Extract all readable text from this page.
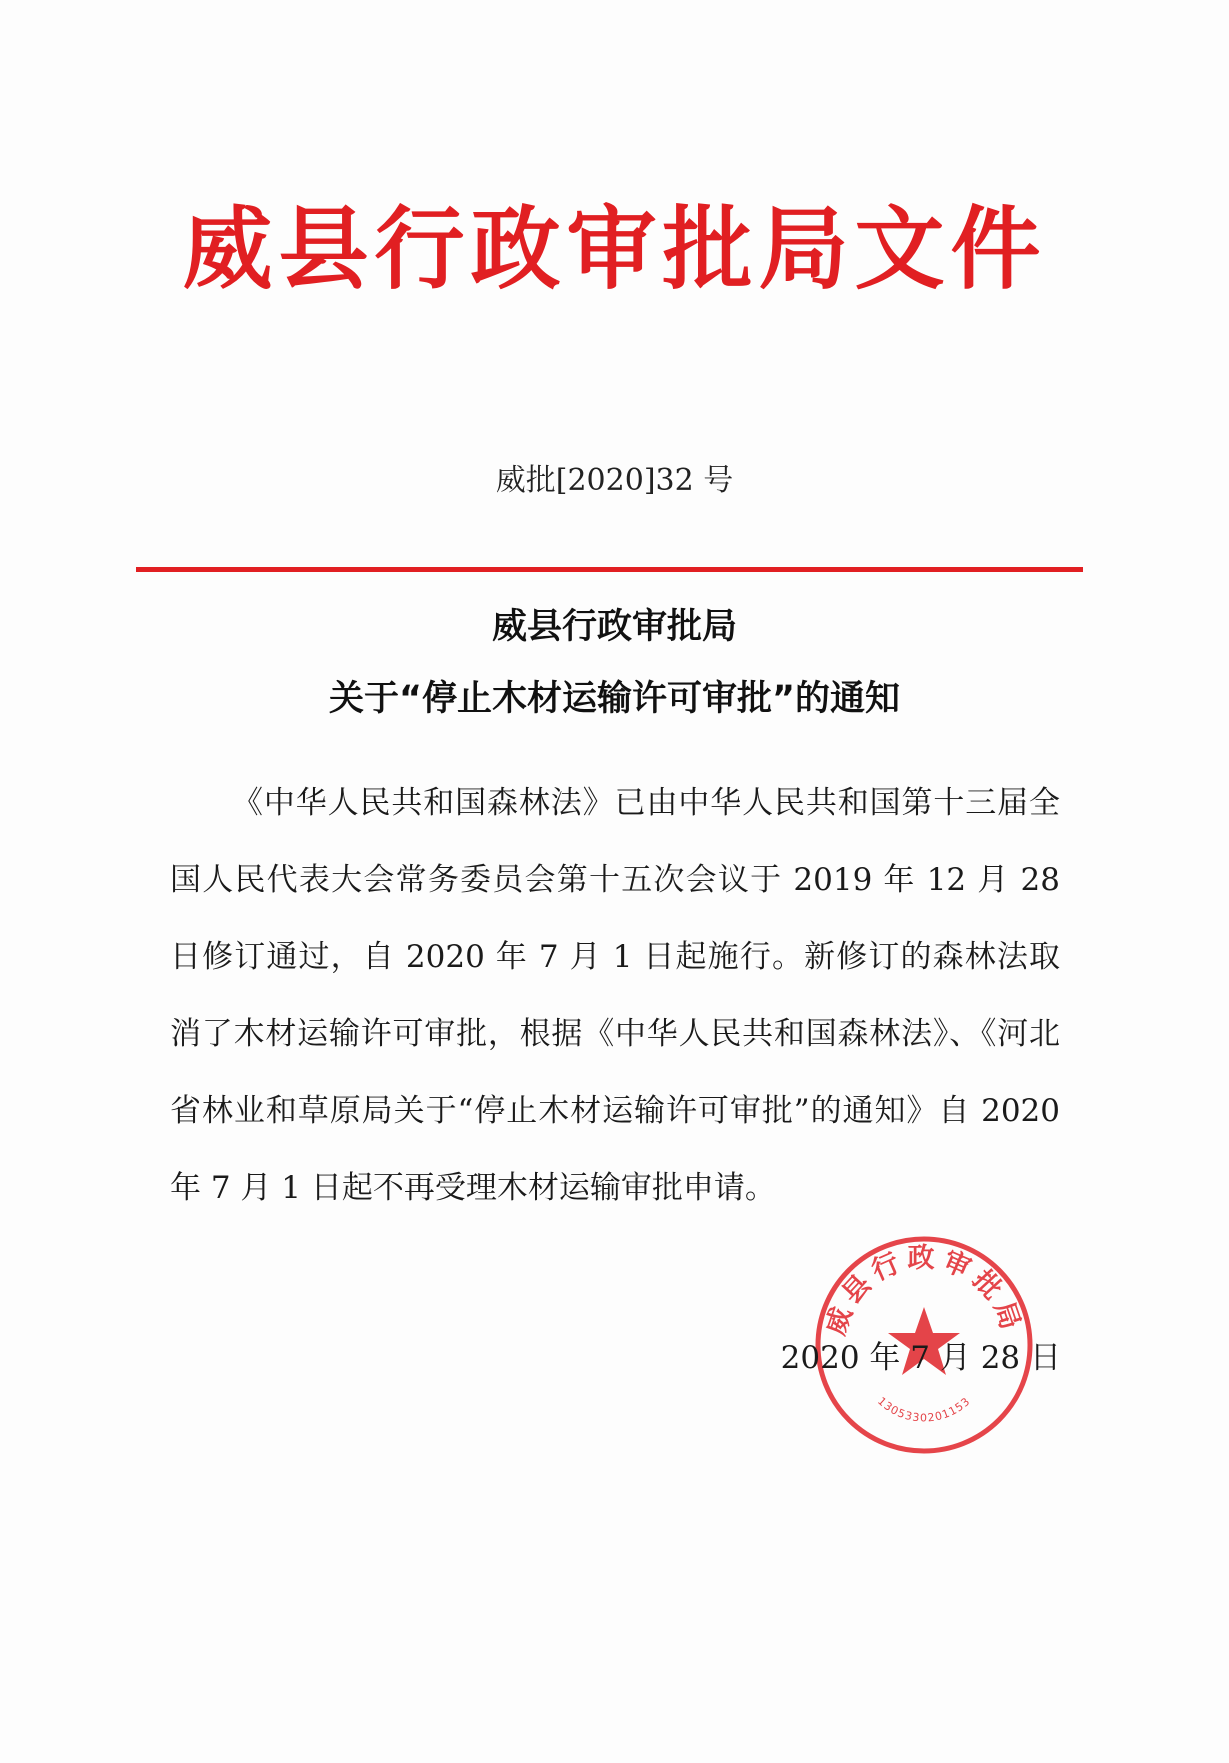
威县行政审批局文件
威批[2020]32 号
威县行政审批局
关于“停止木材运输许可审批”的通知

《中华人民共和国森林法》已由中华人民共和国第十三届全国人民代表大会常务委员会第十五次会议于 2019 年 12 月 28 日修订通过，自 2020 年 7 月 1 日起施行。新修订的森林法取消了木材运输许可审批，根据《中华人民共和国森林法》、《河北省林业和草原局关于“停止木材运输许可审批”的通知》自 2020 年 7 月 1 日起不再受理木材运输审批申请。

威县行政审批局
1305330201153
2020 年 7 月 28 日
